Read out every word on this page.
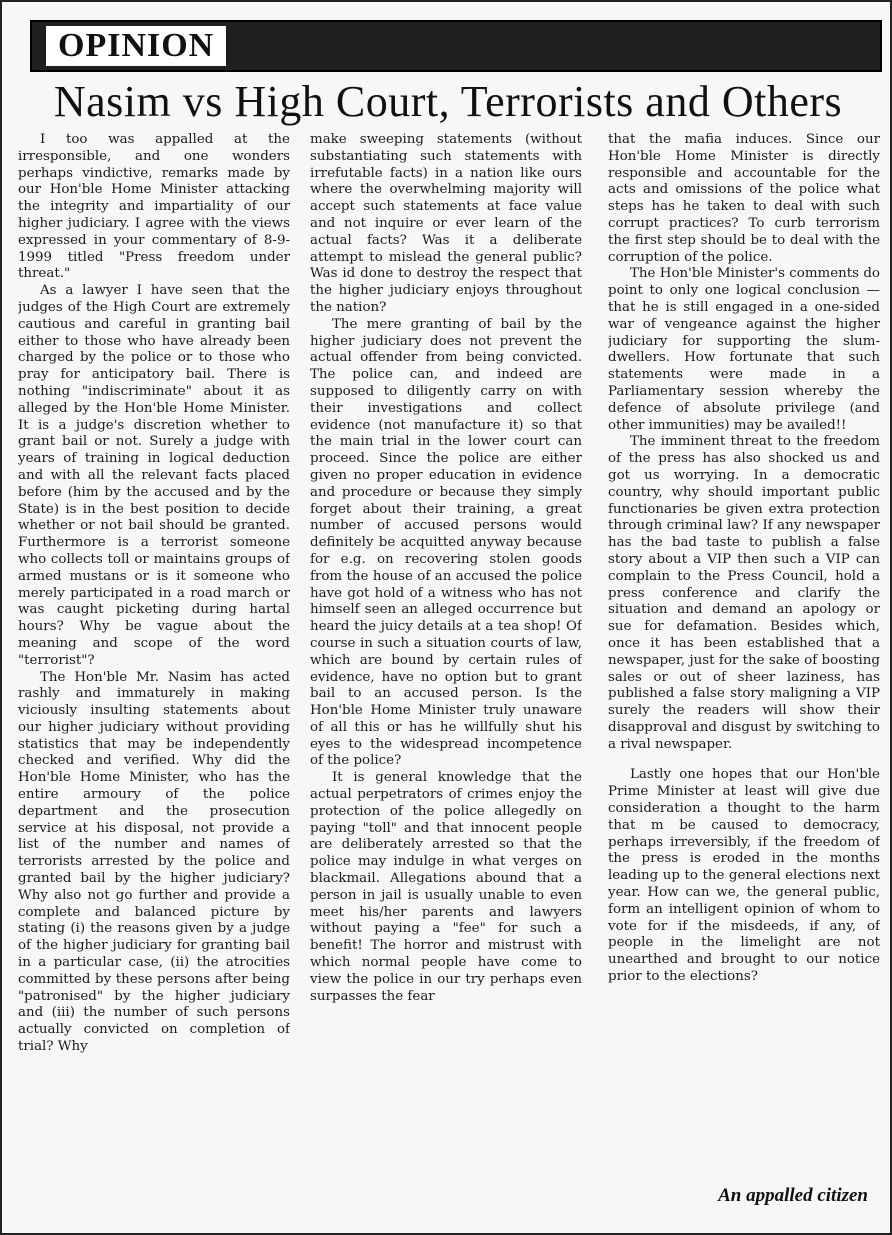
OPINION
Nasim vs High Court, Terrorists and Others

I too was appalled at the irresponsible, and one wonders perhaps vindictive, remarks made by our Hon'ble Home Minister attacking the integrity and impartiality of our higher judiciary. I agree with the views expressed in your commentary of 8-9-1999 titled "Press freedom under threat."

As a lawyer I have seen that the judges of the High Court are extremely cautious and careful in granting bail either to those who have already been charged by the police or to those who pray for anticipatory bail. There is nothing "indiscriminate" about it as alleged by the Hon'ble Home Minister. It is a judge's discretion whether to grant bail or not. Surely a judge with years of training in logical deduction and with all the relevant facts placed before (him by the accused and by the State) is in the best position to decide whether or not bail should be granted. Furthermore is a terrorist someone who collects toll or maintains groups of armed mustans or is it someone who merely participated in a road march or was caught picketing during hartal hours? Why be vague about the meaning and scope of the word "terrorist"?

The Hon'ble Mr. Nasim has acted rashly and immaturely in making viciously insulting statements about our higher judiciary without providing statistics that may be independently checked and verified. Why did the Hon'ble Home Minister, who has the entire armoury of the police department and the prosecution service at his disposal, not provide a list of the number and names of terrorists arrested by the police and granted bail by the higher judiciary? Why also not go further and provide a complete and balanced picture by stating (i) the reasons given by a judge of the higher judiciary for granting bail in a particular case, (ii) the atrocities committed by these persons after being "patronised" by the higher judiciary and (iii) the number of such persons actually convicted on completion of trial? Why

make sweeping statements (without substantiating such statements with irrefutable facts) in a nation like ours where the overwhelming majority will accept such statements at face value and not inquire or ever learn of the actual facts? Was it a deliberate attempt to mislead the general public? Was id done to destroy the respect that the higher judiciary enjoys throughout the nation?

The mere granting of bail by the higher judiciary does not prevent the actual offender from being convicted. The police can, and indeed are supposed to diligently carry on with their investigations and collect evidence (not manufacture it) so that the main trial in the lower court can proceed. Since the police are either given no proper education in evidence and procedure or because they simply forget about their training, a great number of accused persons would definitely be acquitted anyway because for e.g. on recovering stolen goods from the house of an accused the police have got hold of a witness who has not himself seen an alleged occurrence but heard the juicy details at a tea shop! Of course in such a situation courts of law, which are bound by certain rules of evidence, have no option but to grant bail to an accused person. Is the Hon'ble Home Minister truly unaware of all this or has he willfully shut his eyes to the widespread incompetence of the police?

It is general knowledge that the actual perpetrators of crimes enjoy the protection of the police allegedly on paying "toll" and that innocent people are deliberately arrested so that the police may indulge in what verges on blackmail. Allegations abound that a person in jail is usually unable to even meet his/her parents and lawyers without paying a "fee" for such a benefit! The horror and mistrust with which normal people have come to view the police in our try perhaps even surpasses the fear

that the mafia induces. Since our Hon'ble Home Minister is directly responsible and accountable for the acts and omissions of the police what steps has he taken to deal with such corrupt practices? To curb terrorism the first step should be to deal with the corruption of the police.

The Hon'ble Minister's comments do point to only one logical conclusion — that he is still engaged in a one-sided war of vengeance against the higher judiciary for supporting the slum-dwellers. How fortunate that such statements were made in a Parliamentary session whereby the defence of absolute privilege (and other immunities) may be availed!!

The imminent threat to the freedom of the press has also shocked us and got us worrying. In a democratic country, why should important public functionaries be given extra protection through criminal law? If any newspaper has the bad taste to publish a false story about a VIP then such a VIP can complain to the Press Council, hold a press conference and clarify the situation and demand an apology or sue for defamation. Besides which, once it has been established that a newspaper, just for the sake of boosting sales or out of sheer laziness, has published a false story maligning a VIP surely the readers will show their disapproval and disgust by switching to a rival newspaper.

Lastly one hopes that our Hon'ble Prime Minister at least will give due consideration a thought to the harm that m be caused to democracy, perhaps irreversibly, if the freedom of the press is eroded in the months leading up to the general elections next year. How can we, the general public, form an intelligent opinion of whom to vote for if the misdeeds, if any, of people in the limelight are not unearthed and brought to our notice prior to the elections?

An appalled citizen
